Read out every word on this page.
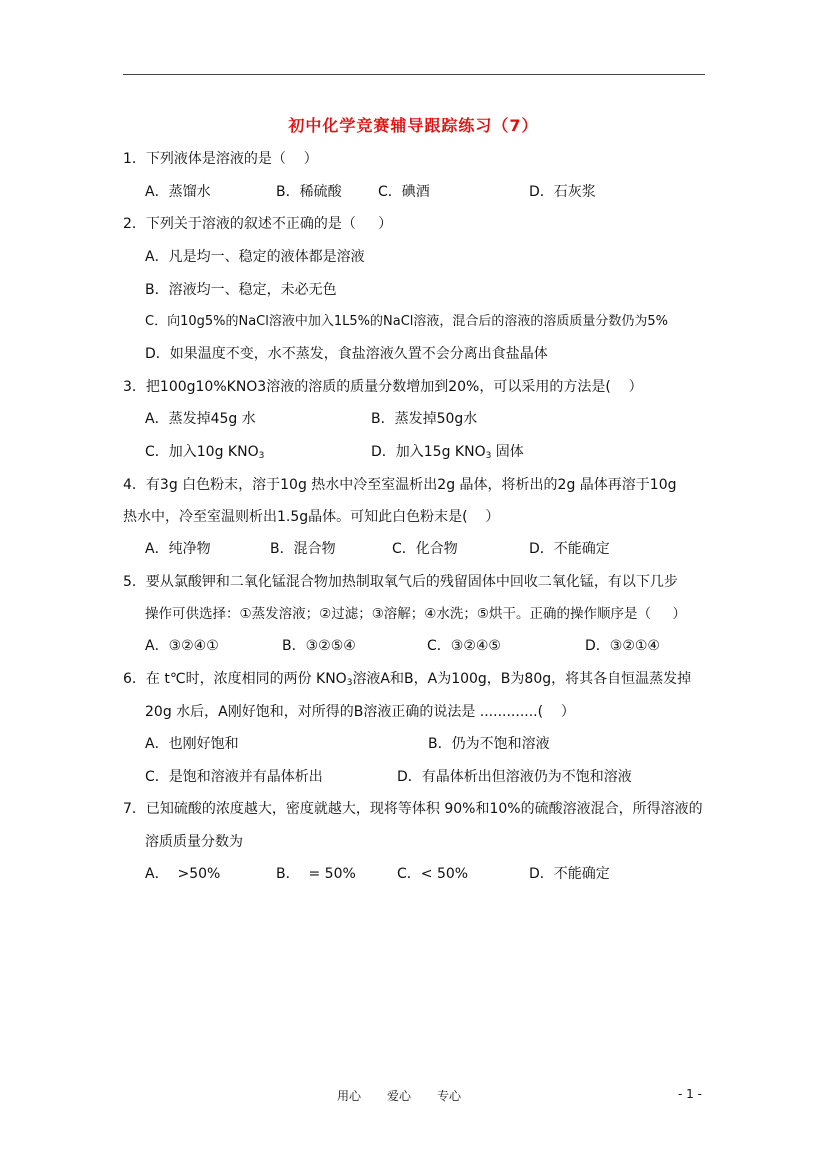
初中化学竞赛辅导跟踪练习（7）
1．下列液体是溶液的是（    ）
A．蒸馏水	B．稀硫酸	C．碘酒	D．石灰浆
2．下列关于溶液的叙述不正确的是（     ）
A．凡是均一、稳定的液体都是溶液
B．溶液均一、稳定，未必无色
C．向10g5%的NaCl溶液中加入1L5%的NaCl溶液，混合后的溶液的溶质质量分数仍为5%
D．如果温度不变，水不蒸发，食盐溶液久置不会分离出食盐晶体
3．把100g10%KNO3溶液的溶质的质量分数增加到20%，可以采用的方法是(    ）
A．蒸发掉45g 水	B．蒸发掉50g水
C．加入10g $KNO_3$	D．加入15g $KNO_3$ 固体
4．有3g 白色粉末，溶于10g 热水中冷至室温析出2g 晶体，将析出的2g 晶体再溶于10g
热水中，冷至室温则析出1.5g晶体。可知此白色粉末是(    ）
A．纯净物	B．混合物	C．化合物	D．不能确定
5．要从氯酸钾和二氧化锰混合物加热制取氧气后的残留固体中回收二氧化锰，有以下几步
操作可供选择：①蒸发溶液；②过滤；③溶解；④水洗；⑤烘干。正确的操作顺序是（     ）
A．③②④①	B．③②⑤④	C．③②④⑤	D．③②①④
6．在 t℃时，浓度相同的两份 $KNO_3$溶液A和B，A为100g，B为80g，将其各自恒温蒸发掉
20g 水后，A刚好饱和，对所得的B溶液正确的说法是 .............(    ）
A．也刚好饱和	B．仍为不饱和溶液
C．是饱和溶液并有晶体析出	D．有晶体析出但溶液仍为不饱和溶液
7．已知硫酸的浓度越大，密度就越大，现将等体积 90%和10%的硫酸溶液混合，所得溶液的
溶质质量分数为
A．  >50%	B．  = 50%	C．< 50%	D．不能确定
用心 爱心 专心	- 1 -
